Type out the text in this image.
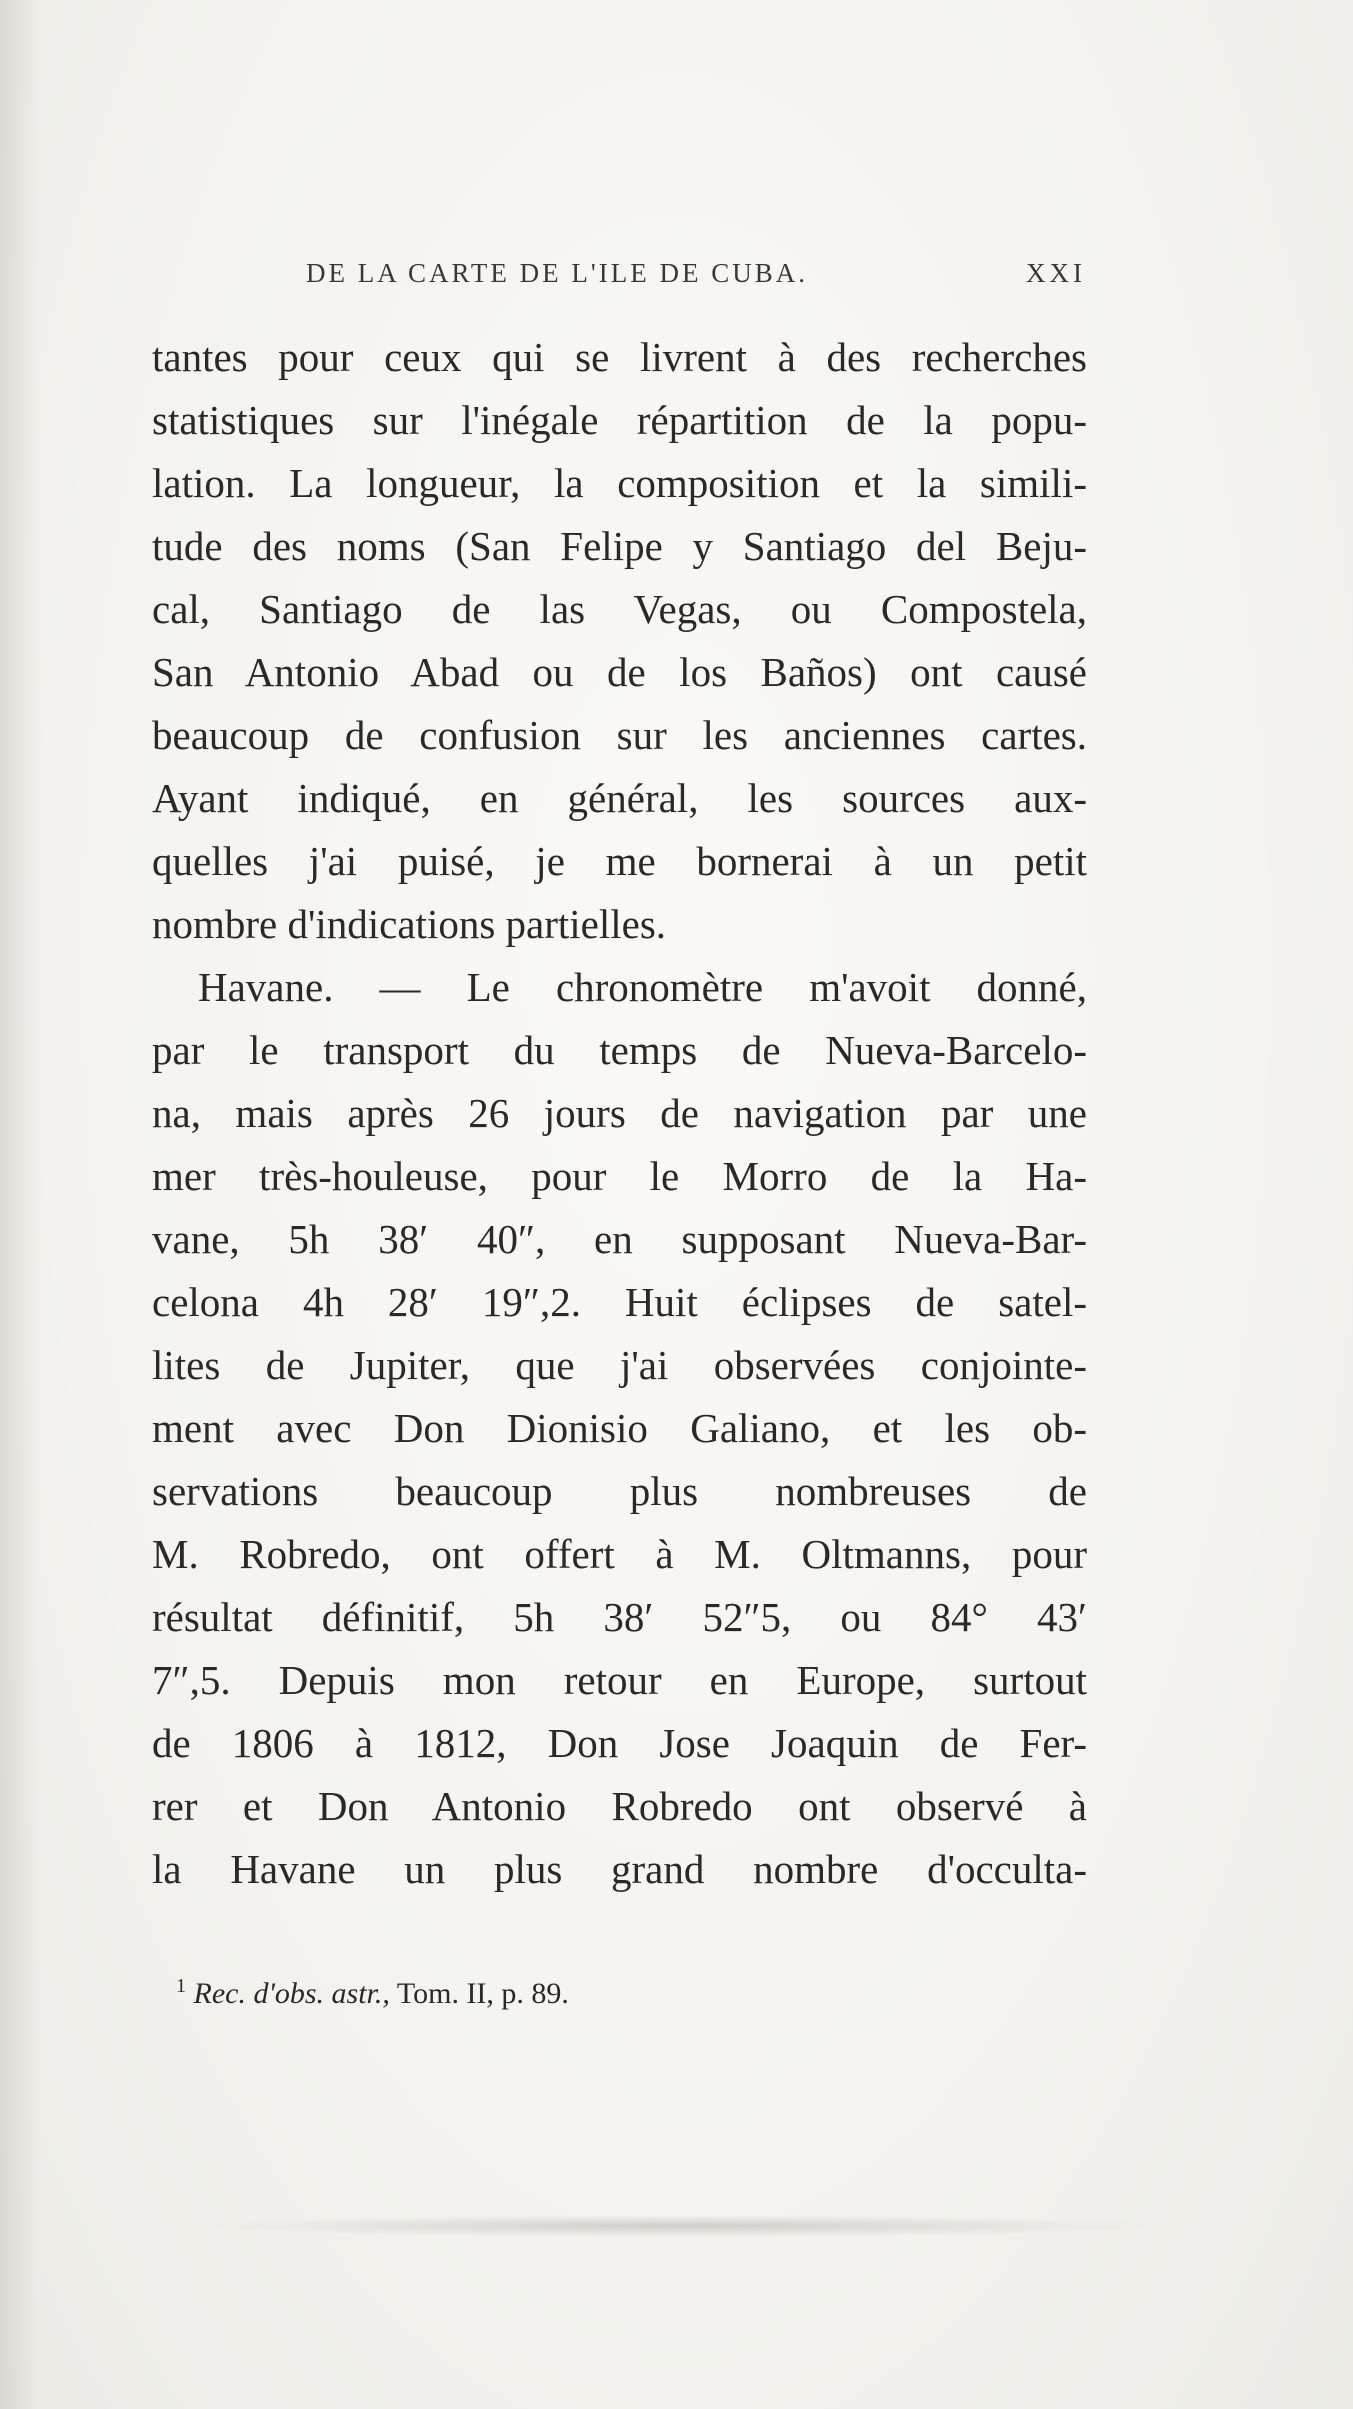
DE LA CARTE DE L'ILE DE CUBA.	XXI
tantes pour ceux qui se livrent à des recherches
statistiques sur l'inégale répartition de la popu-
lation. La longueur, la composition et la simili-
tude des noms (San Felipe y Santiago del Beju-
cal, Santiago de las Vegas, ou Compostela,
San Antonio Abad ou de los Baños) ont causé
beaucoup de confusion sur les anciennes cartes.
Ayant indiqué, en général, les sources aux-
quelles j'ai puisé, je me bornerai à un petit
nombre d'indications partielles.
Havane. — Le chronomètre m'avoit donné,
par le transport du temps de Nueva-Barcelo-
na, mais après 26 jours de navigation par une
mer très-houleuse, pour le Morro de la Ha-
vane, 5h 38′ 40″, en supposant Nueva-Bar-
celona 4h 28′ 19″,2. Huit éclipses de satel-
lites de Jupiter, que j'ai observées conjointe-
ment avec Don Dionisio Galiano, et les ob-
servations beaucoup plus nombreuses de
M. Robredo, ont offert à M. Oltmanns, pour
résultat définitif, 5h 38′ 52″5, ou 84° 43′
7″,5. Depuis mon retour en Europe, surtout
de 1806 à 1812, Don Jose Joaquin de Fer-
rer et Don Antonio Robredo ont observé à
la Havane un plus grand nombre d'occulta-
$^1$ Rec. d'obs. astr., Tom. II, p. 89.
